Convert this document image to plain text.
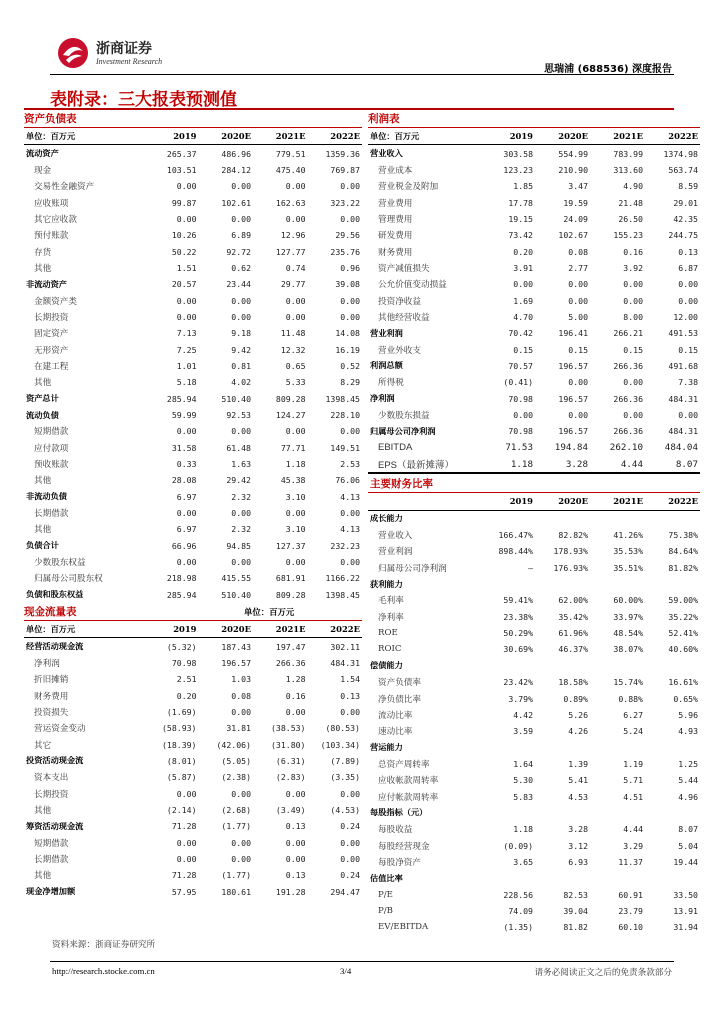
浙商证券
Investment Research
思瑞浦 (688536) 深度报告
表附录：三大报表预测值
资产负债表
单位：百万元	2019	2020E	2021E	2022E
流动资产	265.37	486.96	779.51	1359.36
现金	103.51	284.12	475.40	769.87
交易性金融资产	0.00	0.00	0.00	0.00
应收账项	99.87	102.61	162.63	323.22
其它应收款	0.00	0.00	0.00	0.00
预付账款	10.26	6.89	12.96	29.56
存货	50.22	92.72	127.77	235.76
其他	1.51	0.62	0.74	0.96
非流动资产	20.57	23.44	29.77	39.08
金额资产类	0.00	0.00	0.00	0.00
长期投资	0.00	0.00	0.00	0.00
固定资产	7.13	9.18	11.48	14.08
无形资产	7.25	9.42	12.32	16.19
在建工程	1.01	0.81	0.65	0.52
其他	5.18	4.02	5.33	8.29
资产总计	285.94	510.40	809.28	1398.45
流动负债	59.99	92.53	124.27	228.10
短期借款	0.00	0.00	0.00	0.00
应付款项	31.58	61.48	77.71	149.51
预收账款	0.33	1.63	1.18	2.53
其他	28.08	29.42	45.38	76.06
非流动负债	6.97	2.32	3.10	4.13
长期借款	0.00	0.00	0.00	0.00
其他	6.97	2.32	3.10	4.13
负债合计	66.96	94.85	127.37	232.23
少数股东权益	0.00	0.00	0.00	0.00
归属母公司股东权	218.98	415.55	681.91	1166.22
负债和股东权益	285.94	510.40	809.28	1398.45
现金流量表	单位：百万元
单位：百万元	2019	2020E	2021E	2022E
经营活动现金流	(5.32)	187.43	197.47	302.11
净利润	70.98	196.57	266.36	484.31
折旧摊销	2.51	1.03	1.28	1.54
财务费用	0.20	0.08	0.16	0.13
投资损失	(1.69)	0.00	0.00	0.00
营运资金变动	(58.93)	31.81	(38.53)	(80.53)
其它	(18.39)	(42.06)	(31.80)	(103.34)
投资活动现金流	(8.01)	(5.05)	(6.31)	(7.89)
资本支出	(5.87)	(2.38)	(2.83)	(3.35)
长期投资	0.00	0.00	0.00	0.00
其他	(2.14)	(2.68)	(3.49)	(4.53)
筹资活动现金流	71.28	(1.77)	0.13	0.24
短期借款	0.00	0.00	0.00	0.00
长期借款	0.00	0.00	0.00	0.00
其他	71.28	(1.77)	0.13	0.24
现金净增加额	57.95	180.61	191.28	294.47
利润表
单位：百万元	2019	2020E	2021E	2022E
营业收入	303.58	554.99	783.99	1374.98
营业成本	123.23	210.90	313.60	563.74
营业税金及附加	1.85	3.47	4.90	8.59
营业费用	17.78	19.59	21.48	29.01
管理费用	19.15	24.09	26.50	42.35
研发费用	73.42	102.67	155.23	244.75
财务费用	0.20	0.08	0.16	0.13
资产减值损失	3.91	2.77	3.92	6.87
公允价值变动损益	0.00	0.00	0.00	0.00
投资净收益	1.69	0.00	0.00	0.00
其他经营收益	4.70	5.00	8.00	12.00
营业利润	70.42	196.41	266.21	491.53
营业外收支	0.15	0.15	0.15	0.15
利润总额	70.57	196.57	266.36	491.68
所得税	(0.41)	0.00	0.00	7.38
净利润	70.98	196.57	266.36	484.31
少数股东损益	0.00	0.00	0.00	0.00
归属母公司净利润	70.98	196.57	266.36	484.31
EBITDA	71.53	194.84	262.10	484.04
EPS（最新摊薄）	1.18	3.28	4.44	8.07
主要财务比率				
	2019	2020E	2021E	2022E
成长能力				
营业收入	166.47%	82.82%	41.26%	75.38%
营业利润	898.44%	178.93%	35.53%	84.64%
归属母公司净利润	–	176.93%	35.51%	81.82%
获利能力				
毛利率	59.41%	62.00%	60.00%	59.00%
净利率	23.38%	35.42%	33.97%	35.22%
ROE	50.29%	61.96%	48.54%	52.41%
ROIC	30.69%	46.37%	38.07%	40.60%
偿债能力				
资产负债率	23.42%	18.58%	15.74%	16.61%
净负债比率	3.79%	0.89%	0.88%	0.65%
流动比率	4.42	5.26	6.27	5.96
速动比率	3.59	4.26	5.24	4.93
营运能力				
总资产周转率	1.64	1.39	1.19	1.25
应收帐款周转率	5.30	5.41	5.71	5.44
应付帐款周转率	5.83	4.53	4.51	4.96
每股指标（元）				
每股收益	1.18	3.28	4.44	8.07
每股经营现金	(0.09)	3.12	3.29	5.04
每股净资产	3.65	6.93	11.37	19.44
估值比率				
P/E	228.56	82.53	60.91	33.50
P/B	74.09	39.04	23.79	13.91
EV/EBITDA	(1.35)	81.82	60.10	31.94
资料来源：浙商证券研究所
http://research.stocke.com.cn	3/4	请务必阅读正文之后的免责条款部分
